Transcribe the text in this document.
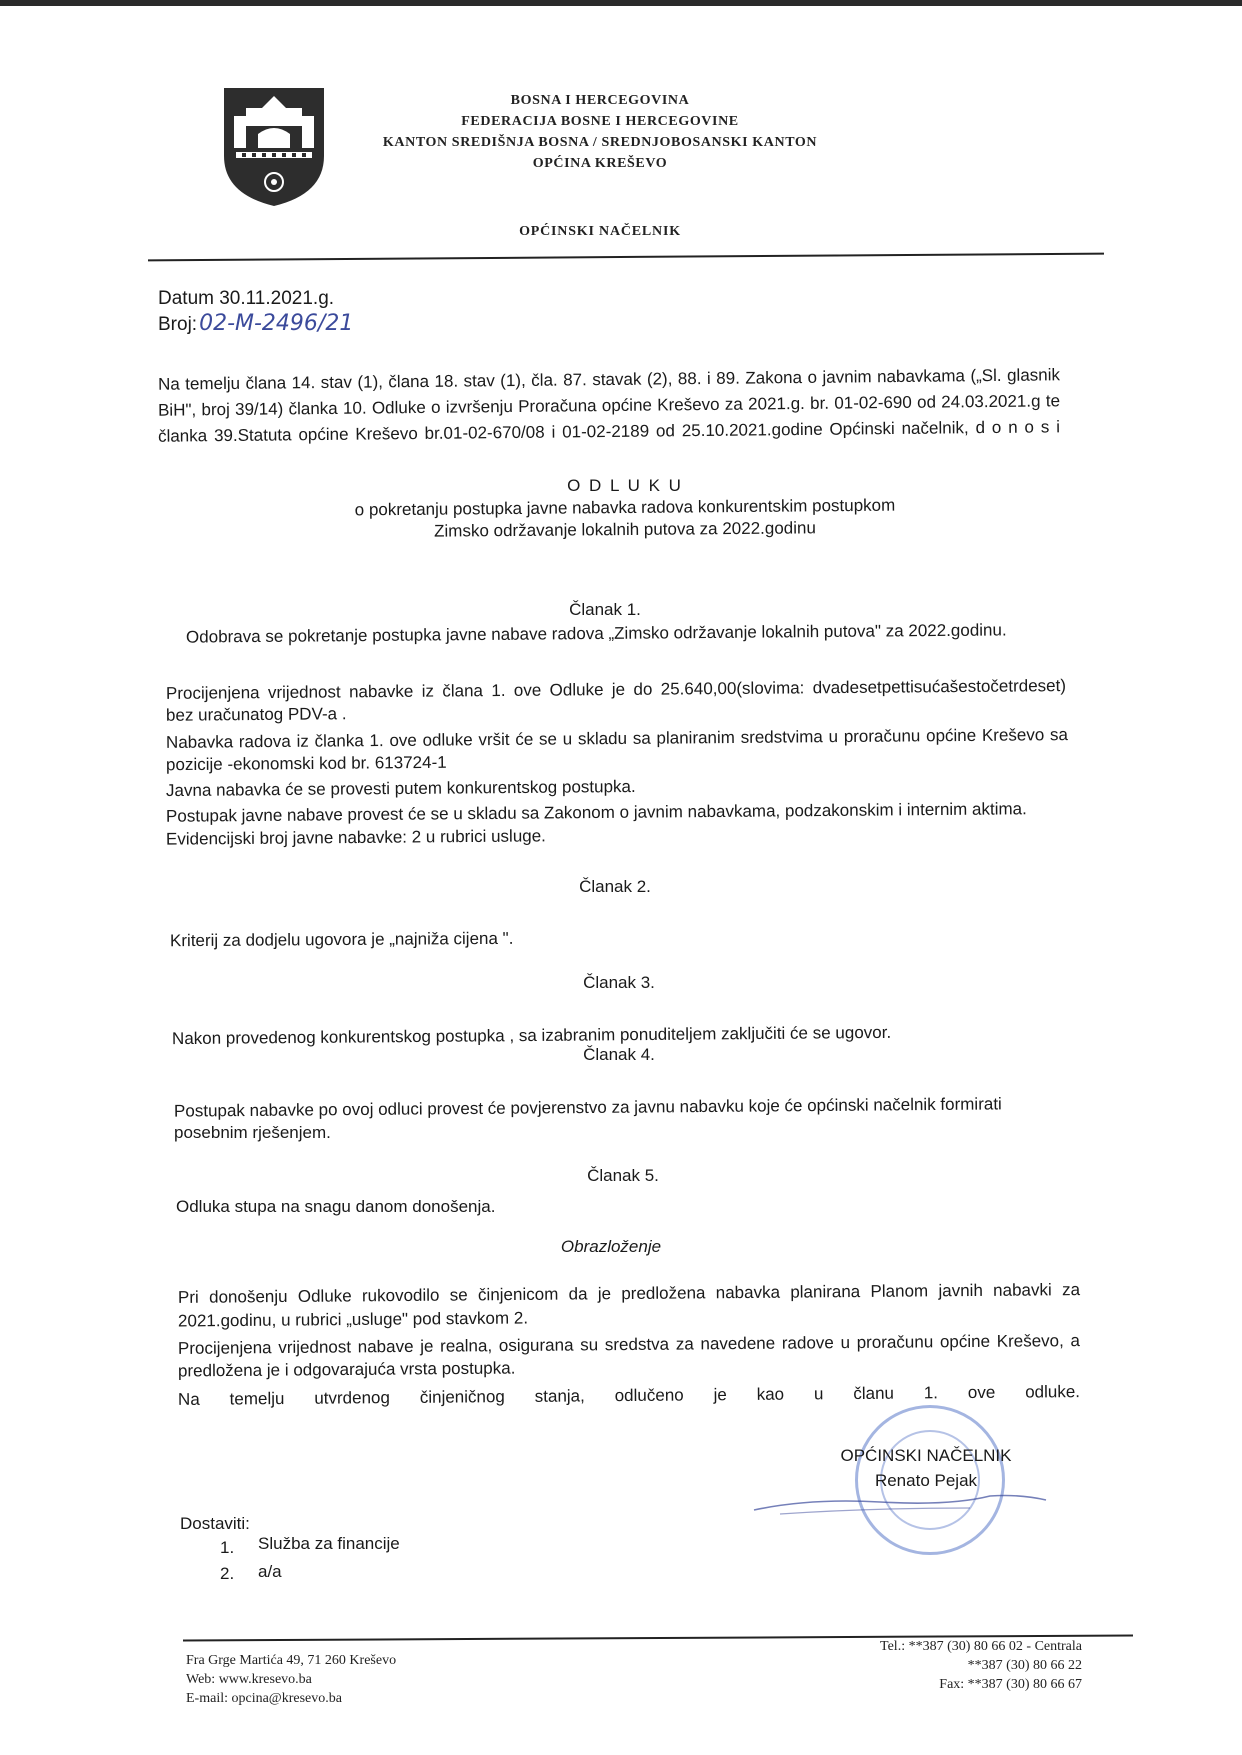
BOSNA I HERCEGOVINA
FEDERACIJA BOSNE I HERCEGOVINE
KANTON SREDIŠNJA BOSNA / SREDNJOBOSANSKI KANTON
OPĆINA KREŠEVO
OPĆINSKI NAČELNIK
Datum 30.11.2021.g.
Broj:02-M-2496/21
Na temelju člana 14. stav (1), člana 18. stav (1), čla. 87. stavak (2), 88. i 89. Zakona o javnim nabavkama („Sl. glasnik
BiH", broj 39/14) članka 10. Odluke o izvršenju Proračuna općine Kreševo za 2021.g. br. 01-02-690 od 24.03.2021.g te
članka 39.Statuta općine Kreševo br.01-02-670/08 i 01-02-2189 od 25.10.2021.godine Općinski načelnik, d o n o s i
O D L U K U
o pokretanju postupka javne nabavka radova konkurentskim postupkom
Zimsko održavanje lokalnih putova za 2022.godinu
Članak 1.
Odobrava se pokretanje postupka javne nabave radova „Zimsko održavanje lokalnih putova" za 2022.godinu.
Procijenjena vrijednost nabavke iz člana 1. ove Odluke je do 25.640,00(slovima: dvadesetpettisućašestočetrdeset)
bez uračunatog PDV-a .
Nabavka radova iz članka 1. ove odluke vršit će se u skladu sa planiranim sredstvima u proračunu općine Kreševo sa
pozicije -ekonomski kod br. 613724-1
Javna nabavka će se provesti putem konkurentskog postupka.
Postupak javne nabave provest će se u skladu sa Zakonom o javnim nabavkama, podzakonskim i internim aktima.
Evidencijski broj javne nabavke: 2 u rubrici usluge.
Članak 2.
Kriterij za dodjelu ugovora je „najniža cijena ".
Članak 3.
Nakon provedenog konkurentskog postupka , sa izabranim ponuditeljem zaključiti će se ugovor.
Članak 4.
Postupak nabavke po ovoj odluci provest će povjerenstvo za javnu nabavku koje će općinski načelnik formirati
posebnim rješenjem.
Članak 5.
Odluka stupa na snagu danom donošenja.
Obrazloženje
Pri donošenju Odluke rukovodilo se činjenicom da je predložena nabavka planirana Planom javnih nabavki za
2021.godinu, u rubrici „usluge" pod stavkom 2.
Procijenjena vrijednost nabave je realna, osigurana su sredstva za navedene radove u proračunu općine Kreševo, a
predložena je i odgovarajuća vrsta postupka.
Na temelju utvrdenog činjeničnog stanja, odlučeno je kao u članu 1. ove odluke.
OPĆINSKI NAČELNIK
Renato Pejak
Dostaviti:
1. Služba za financije
2. a/a
Fra Grge Martića 49, 71 260 Kreševo
Web: www.kresevo.ba
E-mail: opcina@kresevo.ba
Tel.: **387 (30) 80 66 02 - Centrala
**387 (30) 80 66 22
Fax: **387 (30) 80 66 67
